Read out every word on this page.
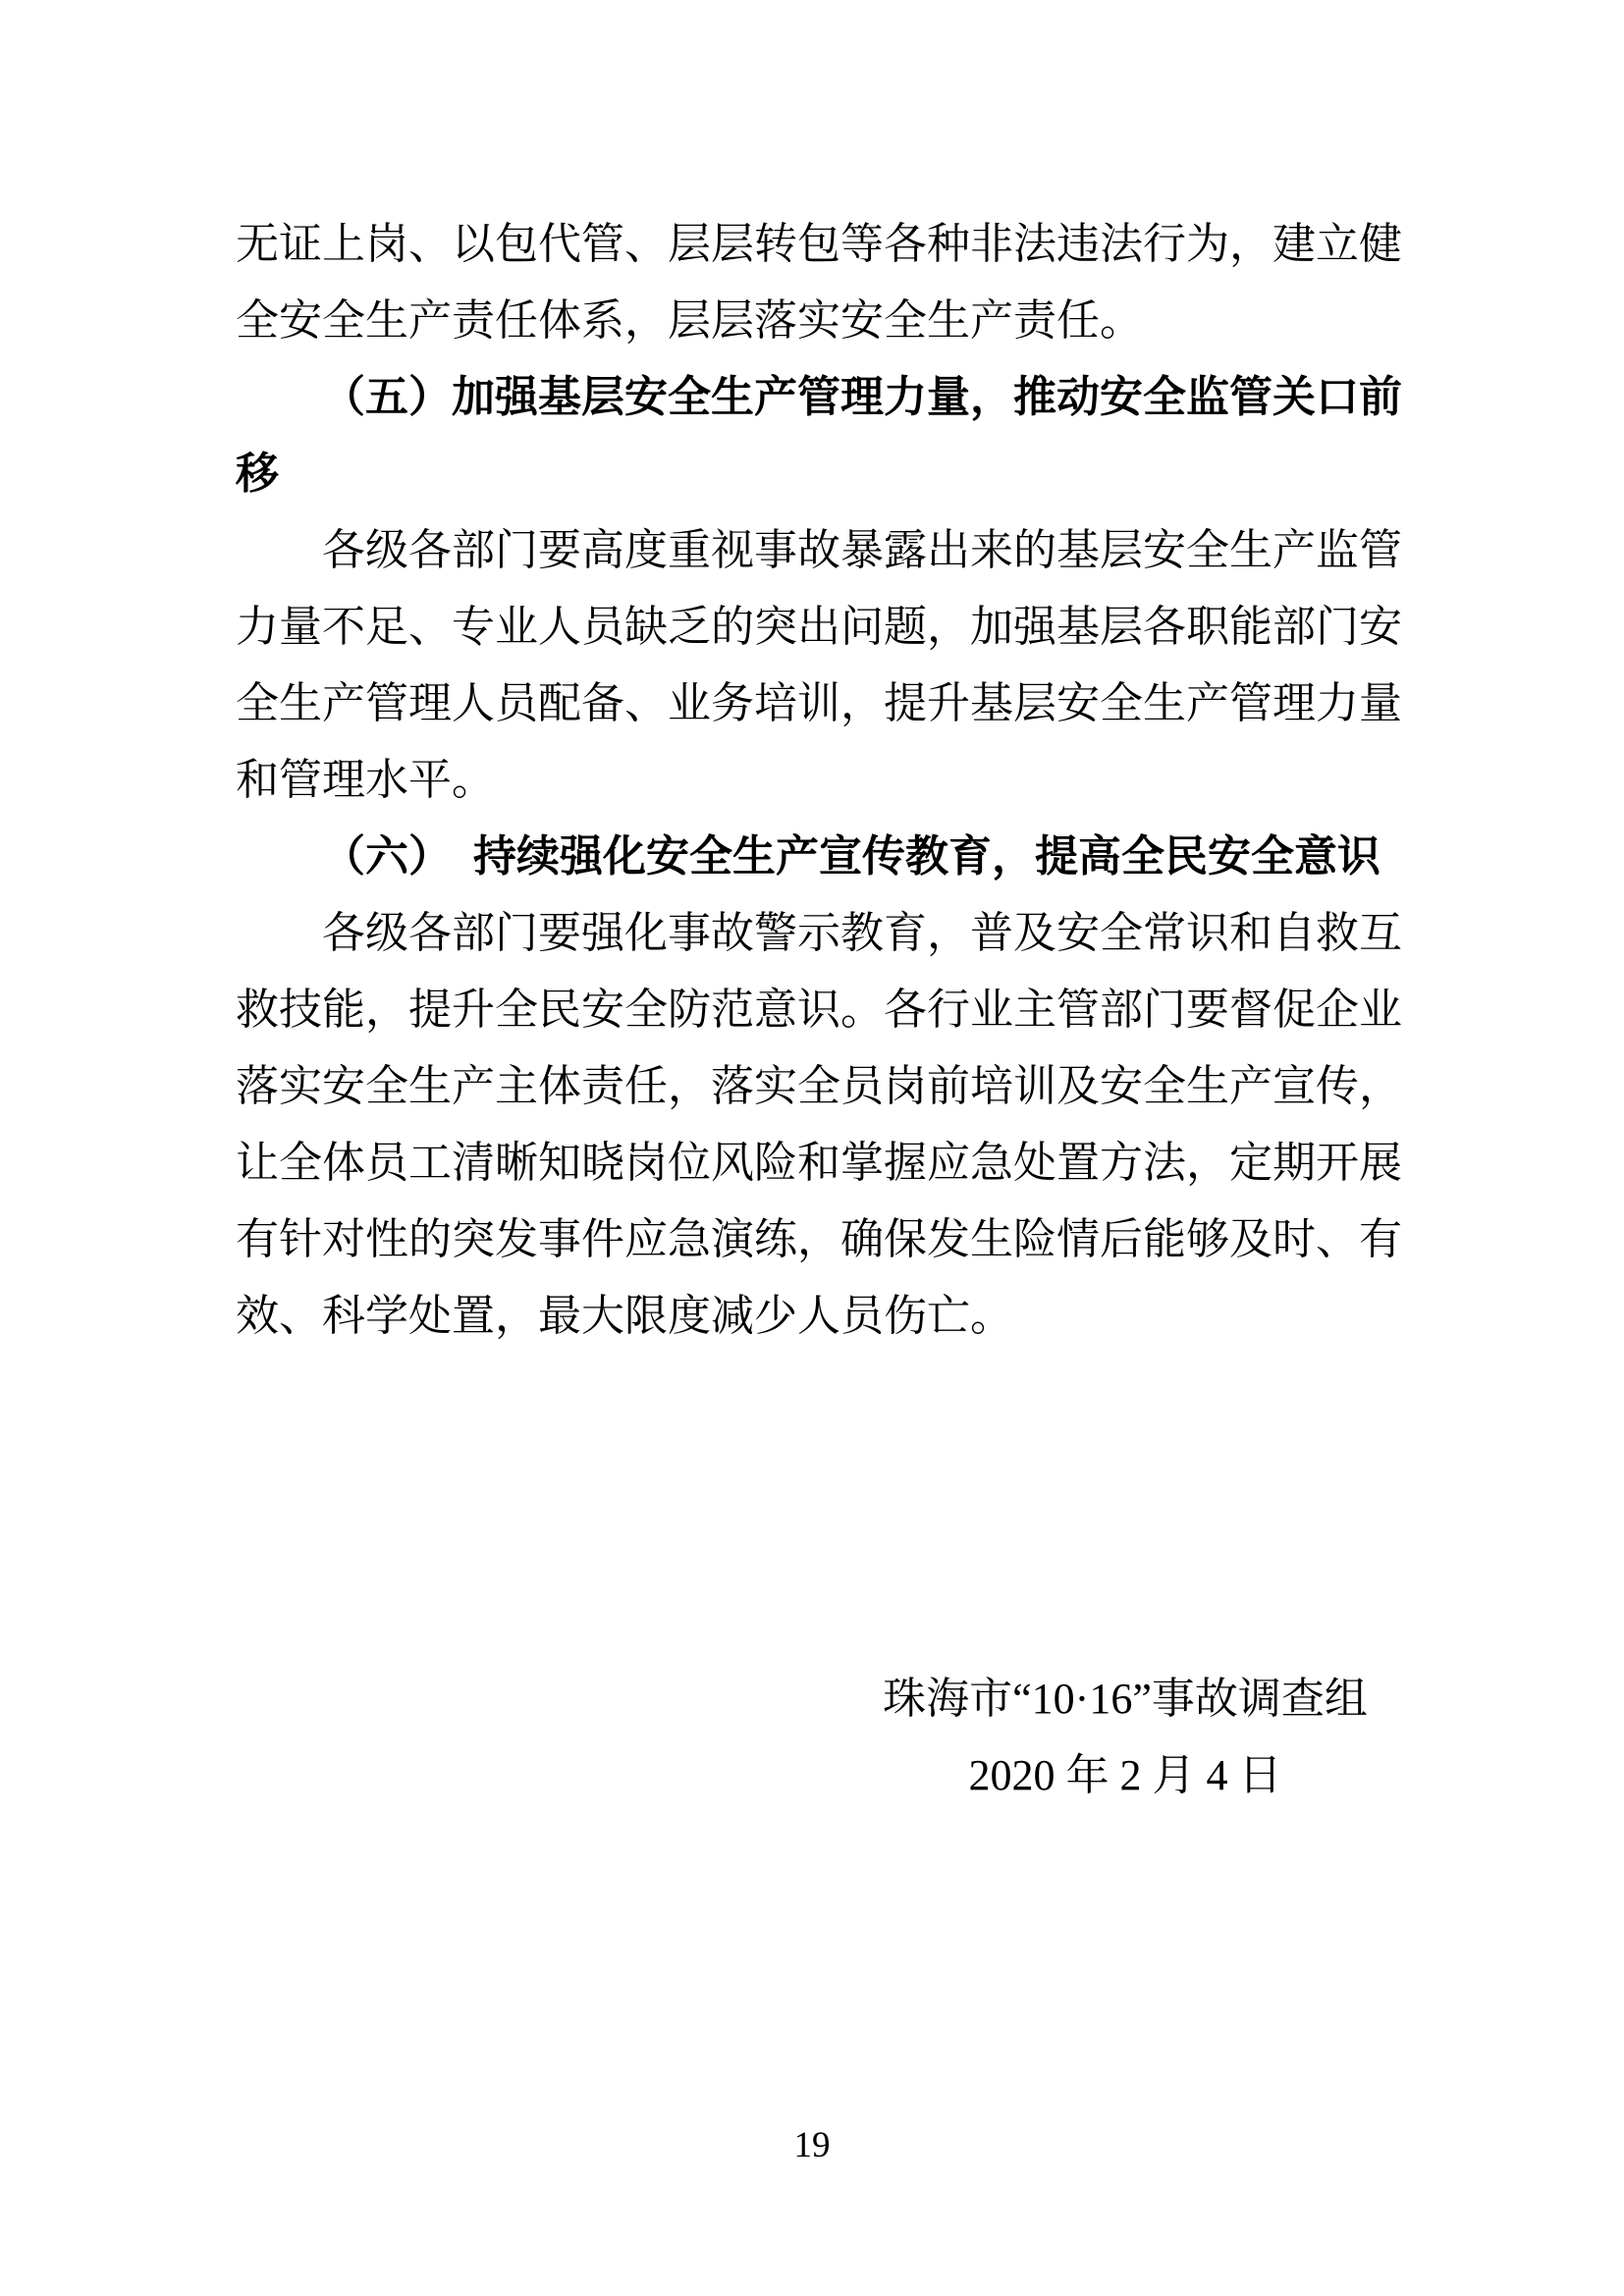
无证上岗、以包代管、层层转包等各种非法违法行为，建立健全安全生产责任体系，层层落实安全生产责任。

（五）加强基层安全生产管理力量，推动安全监管关口前移

各级各部门要高度重视事故暴露出来的基层安全生产监管力量不足、专业人员缺乏的突出问题，加强基层各职能部门安全生产管理人员配备、业务培训，提升基层安全生产管理力量和管理水平。

（六）　持续强化安全生产宣传教育，提高全民安全意识

各级各部门要强化事故警示教育，普及安全常识和自救互救技能，提升全民安全防范意识。各行业主管部门要督促企业落实安全生产主体责任，落实全员岗前培训及安全生产宣传，让全体员工清晰知晓岗位风险和掌握应急处置方法，定期开展有针对性的突发事件应急演练，确保发生险情后能够及时、有效、科学处置，最大限度减少人员伤亡。

珠海市“10·16”事故调查组
2020 年 2 月 4 日
19
